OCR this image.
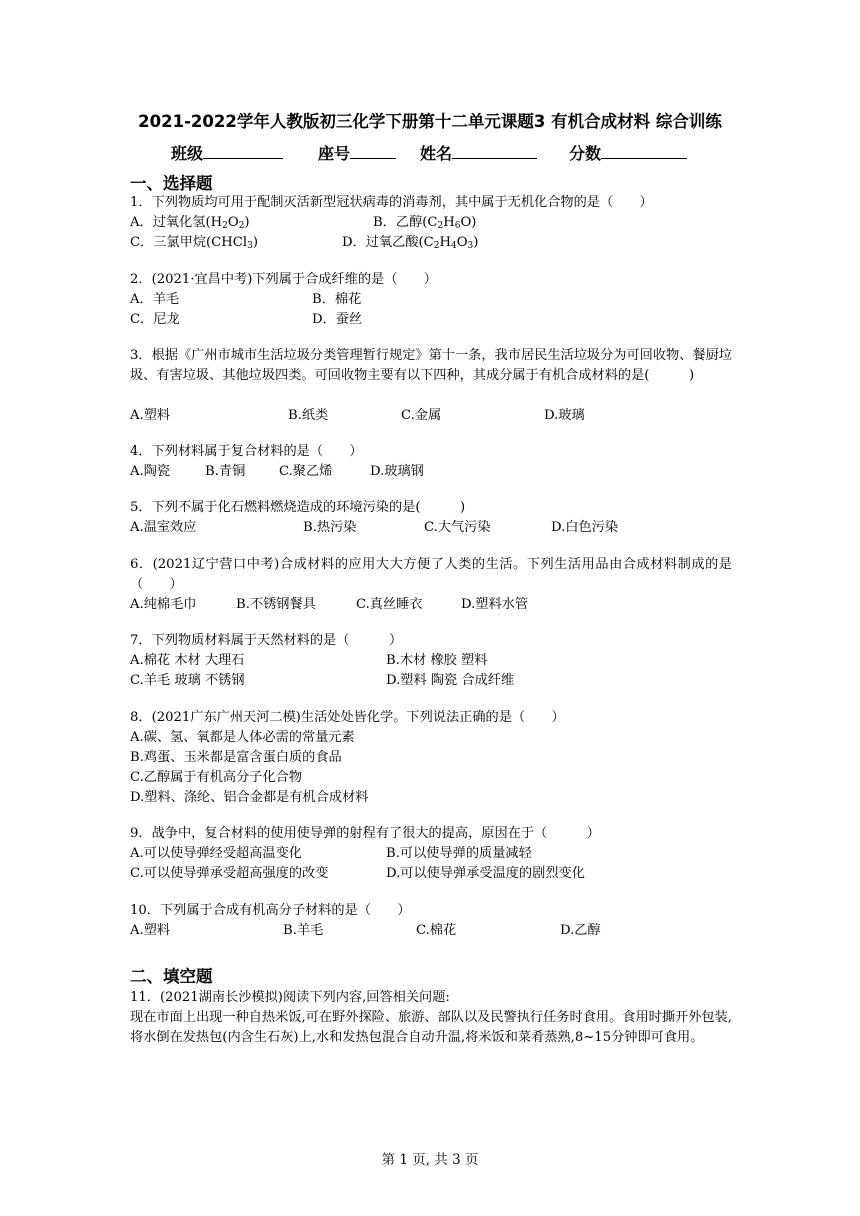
2021-2022学年人教版初三化学下册第十二单元课题3 有机合成材料 综合训练
班级	座号	姓名	分数
一、选择题
1．下列物质均可用于配制灭活新型冠状病毒的消毒剂，其中属于无机化合物的是（　　）
A．过氧化氢$(H_2O_2)$	B．乙醇$(C_2H_6O)$
C．三氯甲烷(CHCl$_3$)	D．过氧乙酸$(C_2H_4O_3)$
2．(2021·宜昌中考)下列属于合成纤维的是（　　）
A．羊毛	B．棉花
C．尼龙	D．蚕丝
3．根据《广州市城市生活垃圾分类管理暂行规定》第十一条，我市居民生活垃圾分为可回收物、餐厨垃圾、有害垃圾、其他垃圾四类。可回收物主要有以下四种，其成分属于有机合成材料的是(　　　)
A.塑料	B.纸类	C.金属	D.玻璃
4．下列材料属于复合材料的是（　　）
A.陶瓷	B.青铜	C.聚乙烯	D.玻璃钢
5．下列不属于化石燃料燃烧造成的环境污染的是(　　　)
A.温室效应	B.热污染	C.大气污染	D.白色污染
6．(2021辽宁营口中考)合成材料的应用大大方便了人类的生活。下列生活用品由合成材料制成的是（　　）
A.纯棉毛巾	B.不锈钢餐具	C.真丝睡衣	D.塑料水管
7．下列物质材料属于天然材料的是（　　　）
A.棉花 木材 大理石	B.木材 橡胶 塑料
C.羊毛 玻璃 不锈钢	D.塑料 陶瓷 合成纤维
8．(2021广东广州天河二模)生活处处皆化学。下列说法正确的是（　　）
A.碳、氢、氧都是人体必需的常量元素
B.鸡蛋、玉米都是富含蛋白质的食品
C.乙醇属于有机高分子化合物
D.塑料、涤纶、铝合金都是有机合成材料
9．战争中，复合材料的使用使导弹的射程有了很大的提高，原因在于（　　　）
A.可以使导弹经受超高温变化	B.可以使导弹的质量减轻
C.可以使导弹承受超高强度的改变	D.可以使导弹承受温度的剧烈变化
10．下列属于合成有机高分子材料的是（　　）
A.塑料	B.羊毛	C.棉花	D.乙醇
二、填空题
11．(2021湖南长沙模拟)阅读下列内容,回答相关问题:
现在市面上出现一种自热米饭,可在野外探险、旅游、部队以及民警执行任务时食用。食用时撕开外包装,将水倒在发热包(内含生石灰)上,水和发热包混合自动升温,将米饭和菜肴蒸熟,8~15分钟即可食用。
第 1 页, 共 3 页
